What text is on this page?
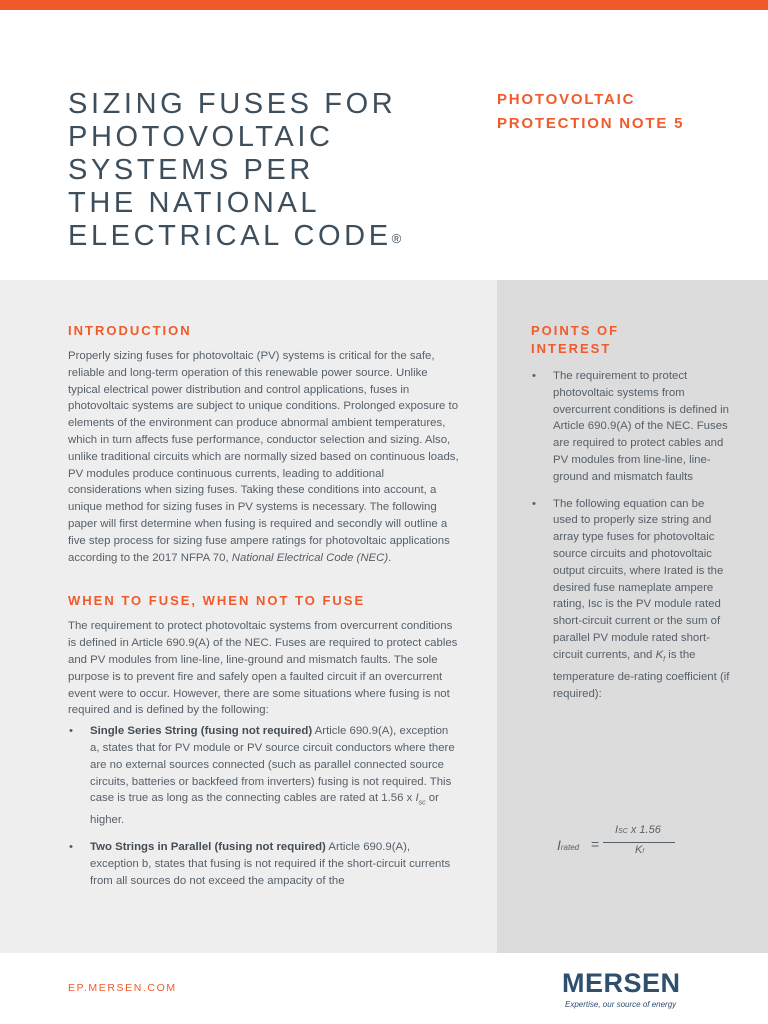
SIZING FUSES FOR
PHOTOVOLTAIC
SYSTEMS PER
THE NATIONAL
ELECTRICAL CODE®
PHOTOVOLTAIC
PROTECTION NOTE 5
INTRODUCTION

Properly sizing fuses for photovoltaic (PV) systems is critical for the safe, reliable and long-term operation of this renewable power source. Unlike typical electrical power distribution and control applications, fuses in photovoltaic systems are subject to unique conditions. Prolonged exposure to elements of the environment can produce abnormal ambient temperatures, which in turn affects fuse performance, conductor selection and sizing. Also, unlike traditional circuits which are normally sized based on continuous loads, PV modules produce continuous currents, leading to additional considerations when sizing fuses. Taking these conditions into account, a unique method for sizing fuses in PV systems is necessary. The following paper will first determine when fusing is required and secondly will outline a five step process for sizing fuse ampere ratings for photovoltaic applications according to the 2017 NFPA 70, National Electrical Code (NEC).

WHEN TO FUSE, WHEN NOT TO FUSE

The requirement to protect photovoltaic systems from overcurrent conditions is defined in Article 690.9(A) of the NEC. Fuses are required to protect cables and PV modules from line-line, line-ground and mismatch faults. The sole purpose is to prevent fire and safely open a faulted circuit if an overcurrent event were to occur. However, there are some situations where fusing is not required and is defined by the following:

• Single Series String (fusing not required) Article 690.9(A), exception a, states that for PV module or PV source circuit conductors where there are no external sources connected (such as parallel connected source circuits, batteries or backfeed from inverters) fusing is not required. This case is true as long as the connecting cables are rated at 1.56 x $I_{sc}$ or higher.
• Two Strings in Parallel (fusing not required) Article 690.9(A), exception b, states that fusing is not required if the short-circuit currents from all sources do not exceed the ampacity of the
POINTS OF
INTEREST
• The requirement to protect photovoltaic systems from overcurrent conditions is defined in Article 690.9(A) of the NEC. Fuses are required to protect cables and PV modules from line-line, line-ground and mismatch faults
• The following equation can be used to properly size string and array type fuses for photovoltaic source circuits and photovoltaic output circuits, where Irated is the desired fuse nameplate ampere rating, Isc is the PV module rated short-circuit current or the sum of parallel PV module rated short-circuit currents, and $K_f$ is the temperature de-rating coefficient (if required):
Irated =
ISC x 1.56
Kf
EP.MERSEN.COM	MERSEN
Expertise, our source of energy
